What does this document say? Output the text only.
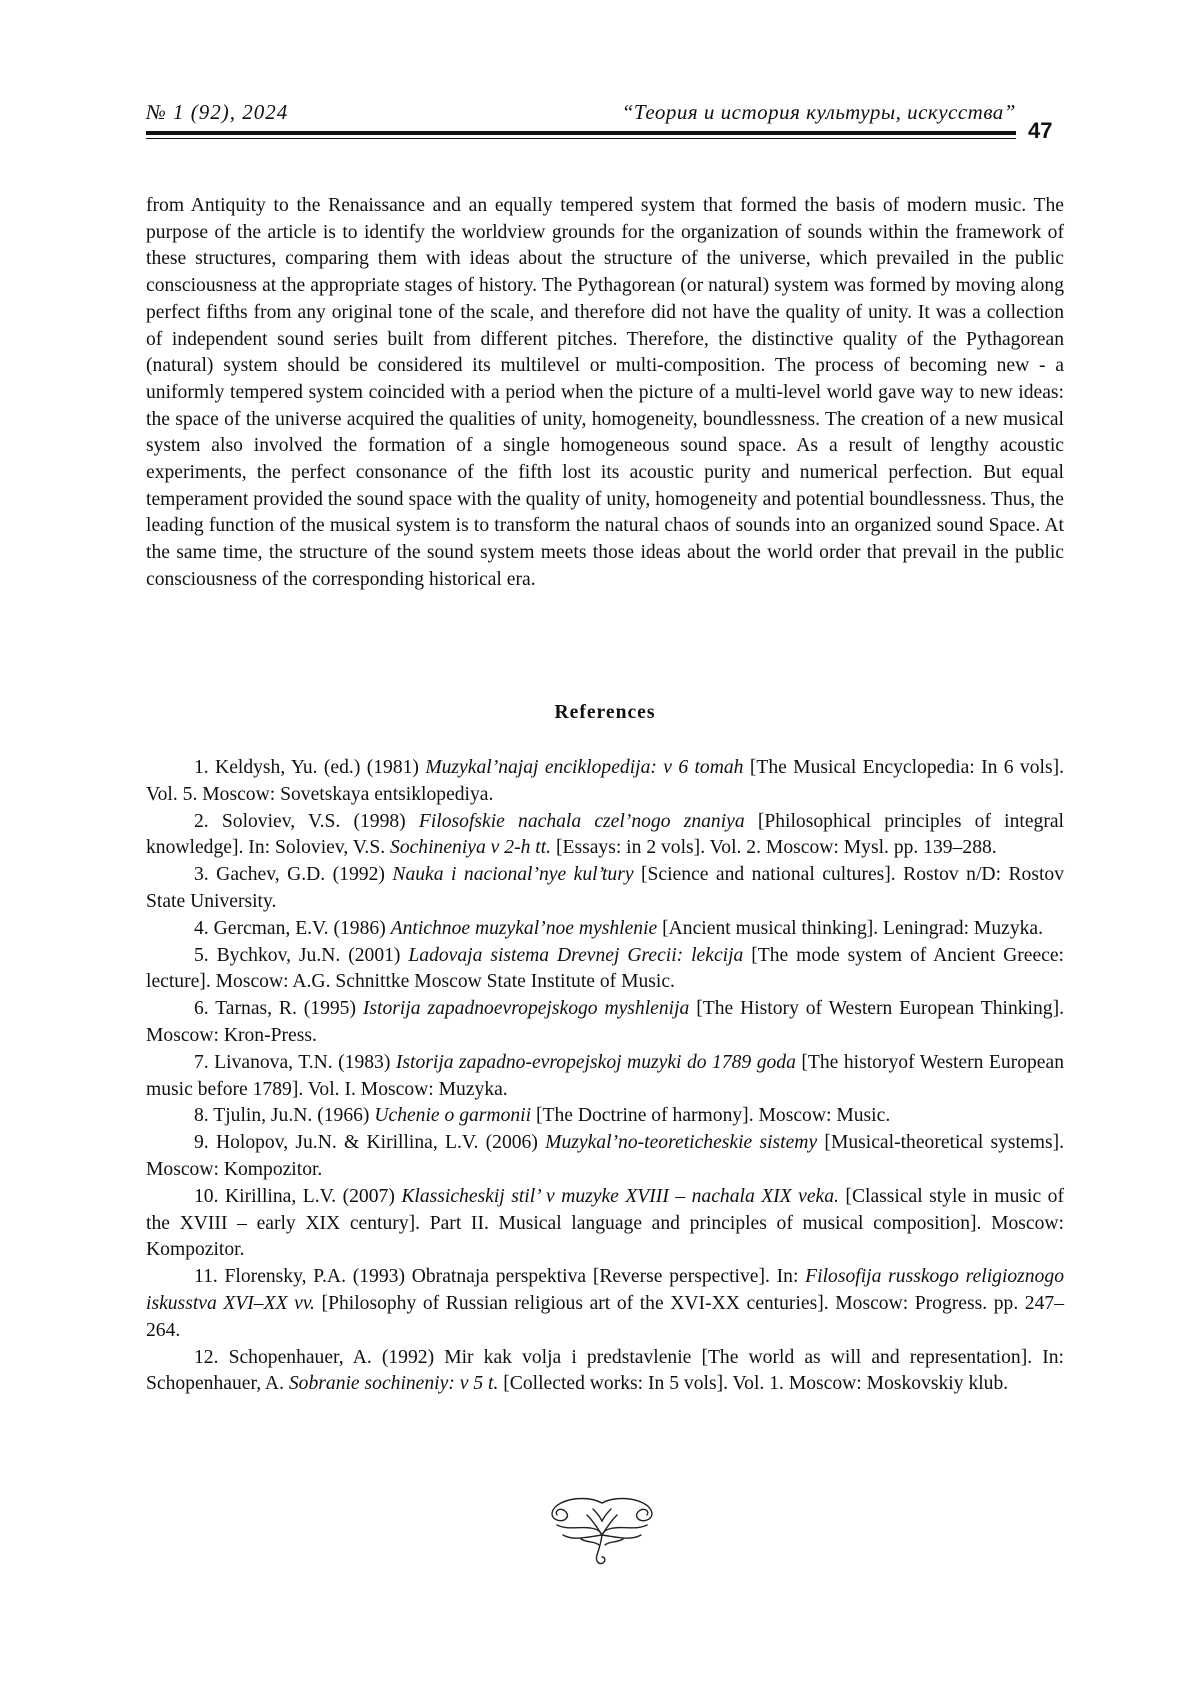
№ 1 (92), 2024	“Теория и история культуры, искусства”
47

from Antiquity to the Renaissance and an equally tempered system that formed the basis of modern music. The purpose of the article is to identify the worldview grounds for the organization of sounds within the framework of these structures, comparing them with ideas about the structure of the universe, which prevailed in the public consciousness at the appropriate stages of history. The Pythagorean (or natural) system was formed by moving along perfect fifths from any original tone of the scale, and therefore did not have the quality of unity. It was a collection of independent sound series built from different pitches. Therefore, the distinctive quality of the Pythagorean (natural) system should be considered its multilevel or multi-composition. The process of becoming new - a uniformly tempered system coincided with a period when the picture of a multi-level world gave way to new ideas: the space of the universe acquired the qualities of unity, homogeneity, boundlessness. The creation of a new musical system also involved the formation of a single homogeneous sound space. As a result of lengthy acoustic experiments, the perfect consonance of the fifth lost its acoustic purity and numerical perfection. But equal temperament provided the sound space with the quality of unity, homogeneity and potential boundlessness. Thus, the leading function of the musical system is to transform the natural chaos of sounds into an organized sound Space. At the same time, the structure of the sound system meets those ideas about the world order that prevail in the public consciousness of the corresponding historical era.

References
1. Keldysh, Yu. (ed.) (1981) Muzykal’najaj enciklopedija: v 6 tomah [The Musical Encyclopedia: In 6 vols]. Vol. 5. Moscow: Sovetskaya entsiklopediya.
2. Soloviev, V.S. (1998) Filosofskie nachala czel’nogo znaniya [Philosophical principles of integral knowledge]. In: Soloviev, V.S. Sochineniya v 2-h tt. [Essays: in 2 vols]. Vol. 2. Moscow: Mysl. pp. 139–288.
3. Gachev, G.D. (1992) Nauka i nacional’nye kul’tury [Science and national cultures]. Rostov n/D: Rostov State University.
4. Gercman, E.V. (1986) Antichnoe muzykal’noe myshlenie [Ancient musical thinking]. Leningrad: Muzyka.
5. Bychkov, Ju.N. (2001) Ladovaja sistema Drevnej Grecii: lekcija [The mode system of Ancient Greece: lecture]. Moscow: A.G. Schnittke Moscow State Institute of Music.
6. Tarnas, R. (1995) Istorija zapadnoevropejskogo myshlenija [The History of Western European Thinking]. Moscow: Kron-Press.
7. Livanova, T.N. (1983) Istorija zapadno-evropejskoj muzyki do 1789 goda [The historyof Western European music before 1789]. Vol. I. Moscow: Muzyka.
8. Tjulin, Ju.N. (1966) Uchenie o garmonii [The Doctrine of harmony]. Moscow: Music.
9. Holopov, Ju.N. & Kirillina, L.V. (2006) Muzykal’no-teoreticheskie sistemy [Musical-theoretical systems]. Moscow: Kompozitor.
10. Kirillina, L.V. (2007) Klassicheskij stil’ v muzyke XVIII – nachala XIX veka. [Classical style in music of the XVIII – early XIX century]. Part II. Musical language and principles of musical composition]. Moscow: Kompozitor.
11. Florensky, P.A. (1993) Obratnaja perspektiva [Reverse perspective]. In: Filosofija russkogo religioznogo iskusstva XVI–XX vv. [Philosophy of Russian religious art of the XVI-XX centuries]. Moscow: Progress. pp. 247–264.
12. Schopenhauer, A. (1992) Mir kak volja i predstavlenie [The world as will and representation]. In: Schopenhauer, A. Sobranie sochineniy: v 5 t. [Collected works: In 5 vols]. Vol. 1. Moscow: Moskovskiy klub.
